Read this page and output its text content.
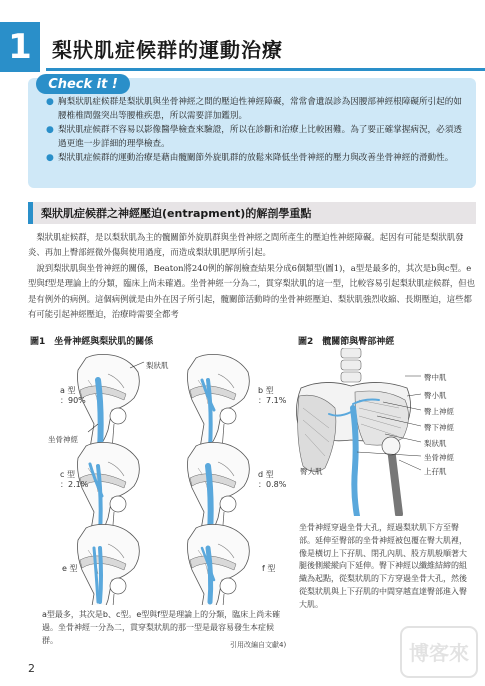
1	梨狀肌症候群的運動治療
Check it !
● 胸梨狀肌症候群是梨狀肌與坐骨神經之間的壓迫性神經障礙，常常會遺誤診為因腰部神經根障礙所引起的如腰椎椎間盤突出等腰椎疾患，所以需要詳加鑑別。
● 梨狀肌症候群不容易以影像醫學檢查來驗證，所以在診斷和治療上比較困難。為了要正確掌握病況，必須透過更進一步詳細的理學檢查。
● 梨狀肌症候群的運動治療是藉由髖關節外旋肌群的放鬆來降低坐骨神經的壓力與改善坐骨神經的滑動性。
梨狀肌症候群之神經壓迫(entrapment)的解剖學重點

梨狀肌症候群，是以梨狀肌為主的髖關節外旋肌群與坐骨神經之間所產生的壓迫性神經障礙。起因有可能是梨狀肌發炎、再加上臀部經微外傷與使用過度，而造成梨狀肌肥厚所引起。

說到梨狀肌與坐骨神經的關係，Beaton將240例的解剖檢查結果分成6個類型(圖1)，a型是最多的，其次是b與c型。e型與f型是理論上的分類，臨床上尚未確過。坐骨神經一分為二，貫穿梨狀肌的這一型，比較容易引起梨狀肌症候群，但也是有例外的病例。這個病例就是由外在因子所引起，髖關節活動時的坐骨神經壓迫、梨狀肌強烈收縮、長期壓迫，這些都有可能引起神經壓迫，治療時需要全都考

圖1　坐骨神經與梨狀肌的關係	圖2　髖關節與臀部神經
梨狀肌
坐骨神經
a 型
：90%
b 型
：7.1%
c 型
：2.1%
d 型
：0.8%
e 型	f 型
臀中肌
臀小肌
臀上神經
臀下神經
梨狀肌
坐骨神經
上孖肌
臀大肌
坐骨神經穿過坐骨大孔，經過梨狀肌下方至臀部。延伸至臀部的坐骨神經被包覆在臀大肌裡，像是橫切上下孖肌、閉孔內肌、股方肌般順著大腿後側縱縱向下延伸。臀下神經以纖維結締的組織為起點，從梨狀肌的下方穿過坐骨大孔，然後從梨狀肌與上下孖肌的中間穿越直達臀部進入臀大肌。
a型最多，其次是b、c型。e型與f型是理論上的分類，臨床上尚未確過。坐骨神經一分為二，貫穿梨狀肌的那一型是最容易發生本症候群。	引用改編自文獻4)
2
博客來
